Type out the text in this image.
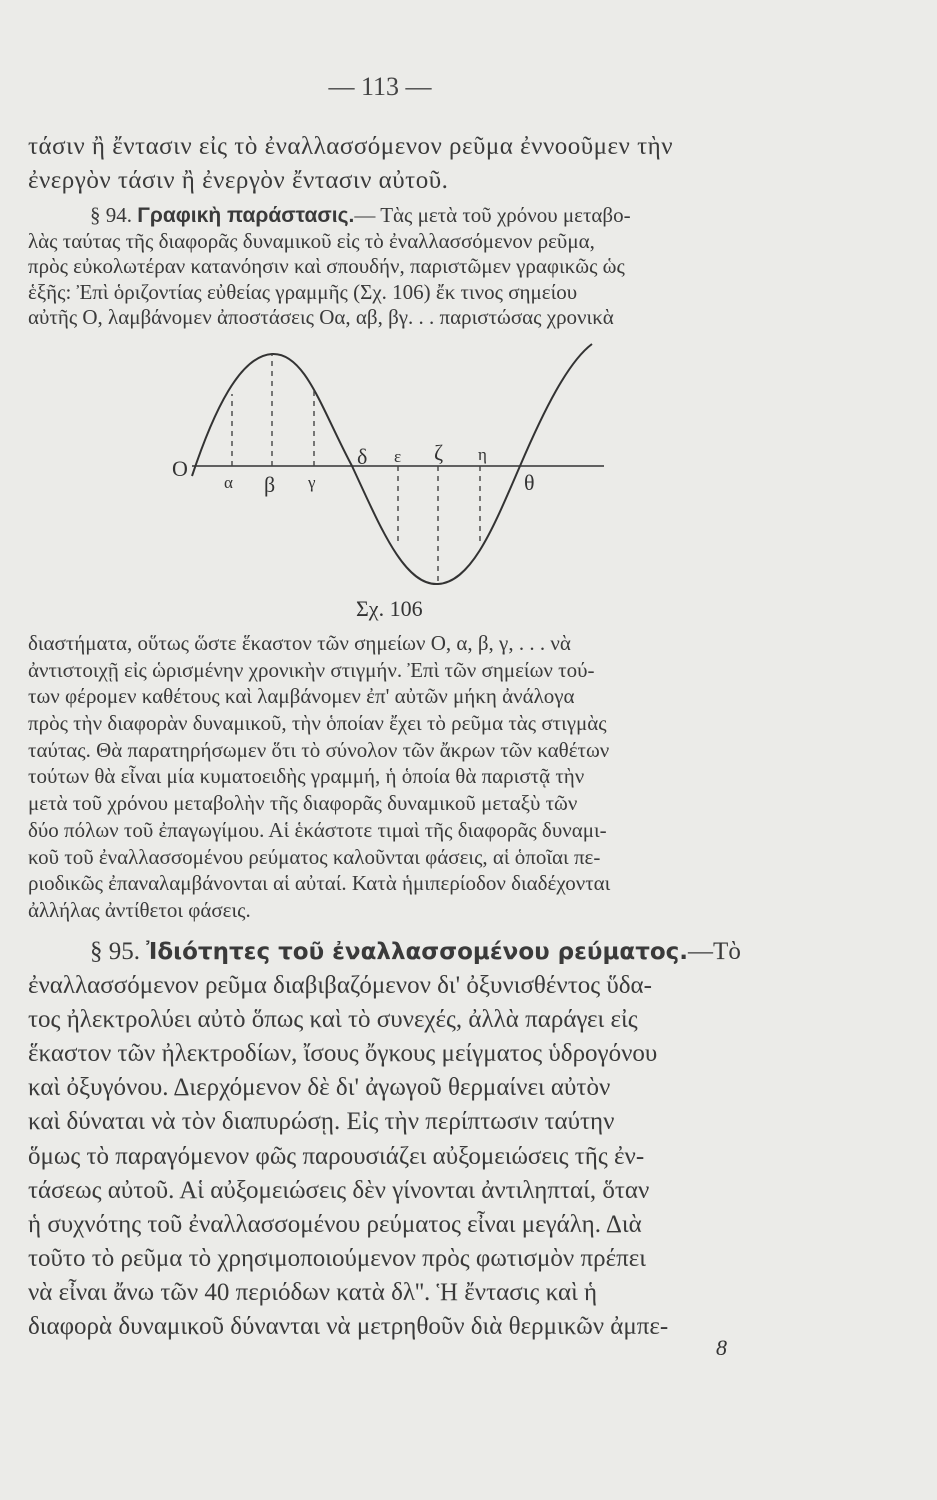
— 113 —
τάσιν ἢ ἔντασιν εἰς τὸ ἐναλλασσόμενον ρεῦμα ἐννοοῦμεν τὴν
ἐνεργὸν τάσιν ἢ ἐνεργὸν ἔντασιν αὐτοῦ.
§ 94. Γραφικὴ παράστασις.— Τὰς μετὰ τοῦ χρόνου μεταβο-
λὰς ταύτας τῆς διαφορᾶς δυναμικοῦ εἰς τὸ ἐναλλασσόμενον ρεῦμα,
πρὸς εὐκολωτέραν κατανόησιν καὶ σπουδήν, παριστῶμεν γραφικῶς ὡς
ἑξῆς: Ἐπὶ ὁριζοντίας εὐθείας γραμμῆς (Σχ. 106) ἔκ τινος σημείου
αὐτῆς Ο, λαμβάνομεν ἀποστάσεις Οα, αβ, βγ. . . παριστώσας χρονικὰ
O
α β γ
δ ε ζ η
θ
Σχ. 106
διαστήματα, οὕτως ὥστε ἕκαστον τῶν σημείων Ο, α, β, γ, . . . νὰ
ἀντιστοιχῇ εἰς ὡρισμένην χρονικὴν στιγμήν. Ἐπὶ τῶν σημείων τού-
των φέρομεν καθέτους καὶ λαμβάνομεν ἐπ' αὐτῶν μήκη ἀνάλογα
πρὸς τὴν διαφορὰν δυναμικοῦ, τὴν ὁποίαν ἔχει τὸ ρεῦμα τὰς στιγμὰς
ταύτας. Θὰ παρατηρήσωμεν ὅτι τὸ σύνολον τῶν ἄκρων τῶν καθέτων
τούτων θὰ εἶναι μία κυματοειδὴς γραμμή, ἡ ὁποία θὰ παριστᾷ τὴν
μετὰ τοῦ χρόνου μεταβολὴν τῆς διαφορᾶς δυναμικοῦ μεταξὺ τῶν
δύο πόλων τοῦ ἐπαγωγίμου. Αἱ ἑκάστοτε τιμαὶ τῆς διαφορᾶς δυναμι-
κοῦ τοῦ ἐναλλασσομένου ρεύματος καλοῦνται φάσεις, αἱ ὁποῖαι πε-
ριοδικῶς ἐπαναλαμβάνονται αἱ αὐταί. Κατὰ ἡμιπερίοδον διαδέχονται
ἀλλήλας ἀντίθετοι φάσεις.
§ 95. Ἰδιότητες τοῦ ἐναλλασσομένου ρεύματος.—Τὸ
ἐναλλασσόμενον ρεῦμα διαβιβαζόμενον δι' ὀξυνισθέντος ὕδα-
τος ἠλεκτρολύει αὐτὸ ὅπως καὶ τὸ συνεχές, ἀλλὰ παράγει εἰς
ἕκαστον τῶν ἠλεκτροδίων, ἴσους ὄγκους μείγματος ὑδρογόνου
καὶ ὀξυγόνου. Διερχόμενον δὲ δι' ἀγωγοῦ θερμαίνει αὐτὸν
καὶ δύναται νὰ τὸν διαπυρώσῃ. Εἰς τὴν περίπτωσιν ταύτην
ὅμως τὸ παραγόμενον φῶς παρουσιάζει αὐξομειώσεις τῆς ἐν-
τάσεως αὐτοῦ. Αἱ αὐξομειώσεις δὲν γίνονται ἀντιληπταί, ὅταν
ἡ συχνότης τοῦ ἐναλλασσομένου ρεύματος εἶναι μεγάλη. Διὰ
τοῦτο τὸ ρεῦμα τὸ χρησιμοποιούμενον πρὸς φωτισμὸν πρέπει
νὰ εἶναι ἄνω τῶν 40 περιόδων κατὰ δλ''. Ἡ ἔντασις καὶ ἡ
διαφορὰ δυναμικοῦ δύνανται νὰ μετρηθοῦν διὰ θερμικῶν ἀμπε-
8
